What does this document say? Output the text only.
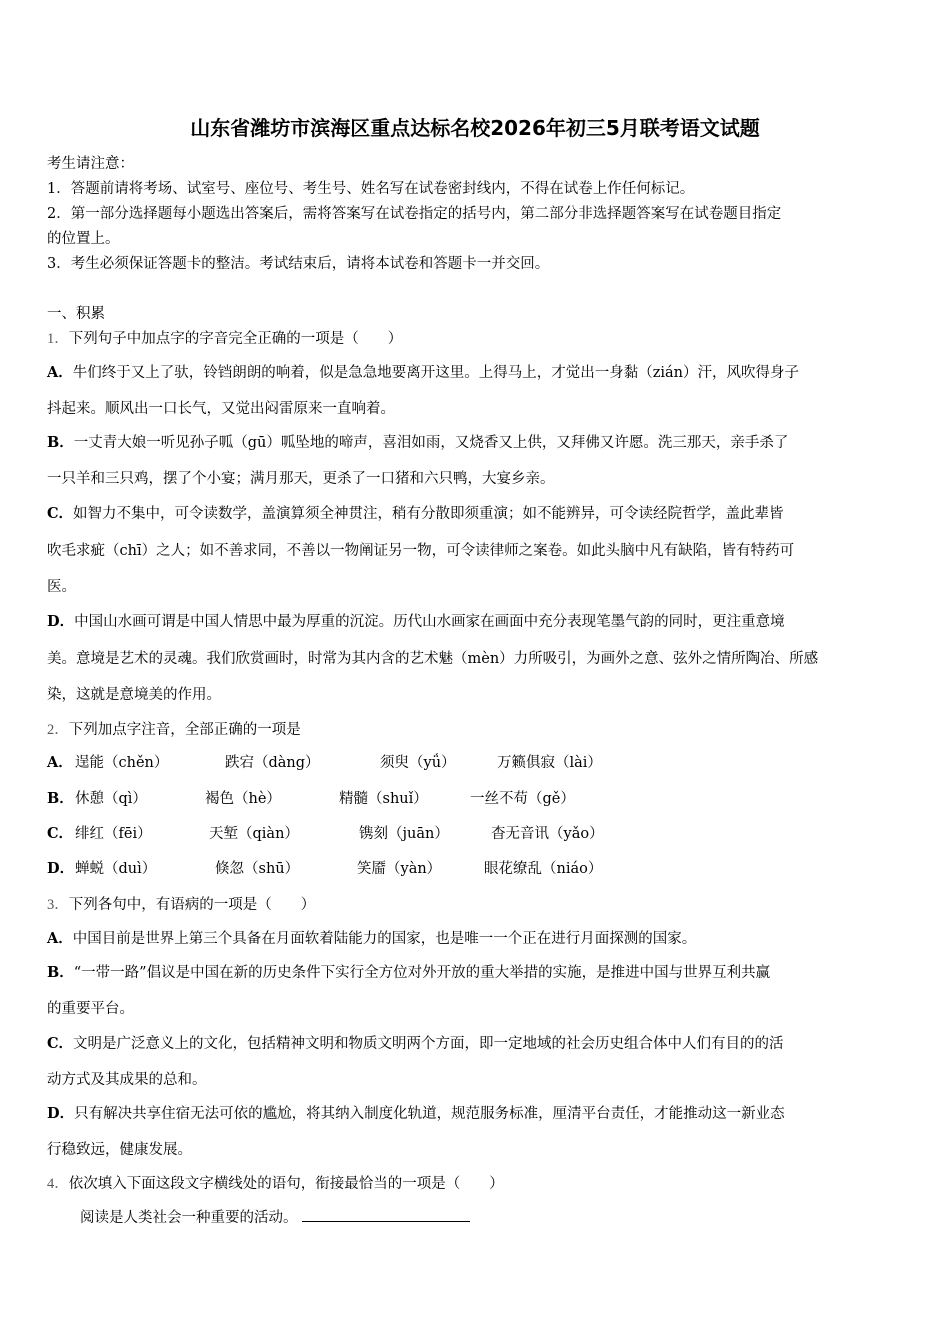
山东省潍坊市滨海区重点达标名校2026年初三5月联考语文试题
考生请注意：
1．答题前请将考场、试室号、座位号、考生号、姓名写在试卷密封线内，不得在试卷上作任何标记。
2．第一部分选择题每小题选出答案后，需将答案写在试卷指定的括号内，第二部分非选择题答案写在试卷题目指定
的位置上。
3．考生必须保证答题卡的整洁。考试结束后，请将本试卷和答题卡一并交回。
一、积累
1．下列句子中加点字的字音完全正确的一项是（　　）
A．牛们终于又上了驮，铃铛朗朗的响着，似是急急地要离开这里。上得马上，才觉出一身黏（zián）汗，风吹得身子
抖起来。顺风出一口长气，又觉出闷雷原来一直响着。
B．一丈青大娘一听见孙子呱（gū）呱坠地的啼声，喜泪如雨，又烧香又上供，又拜佛又许愿。洗三那天，亲手杀了
一只羊和三只鸡，摆了个小宴；满月那天，更杀了一口猪和六只鸭，大宴乡亲。
C．如智力不集中，可令读数学，盖演算须全神贯注，稍有分散即须重演；如不能辨异，可令读经院哲学，盖此辈皆
吹毛求疵（chī）之人；如不善求同，不善以一物阐证另一物，可令读律师之案卷。如此头脑中凡有缺陷，皆有特药可
医。
D．中国山水画可谓是中国人情思中最为厚重的沉淀。历代山水画家在画面中充分表现笔墨气韵的同时，更注重意境
美。意境是艺术的灵魂。我们欣赏画时，时常为其内含的艺术魅（mèn）力所吸引，为画外之意、弦外之情所陶冶、所感
染，这就是意境美的作用。
2．下列加点字注音，全部正确的一项是
A． 逞能（chěn）	跌宕（dàng）	须臾（yǘ）	万籁俱寂（lài）
B． 休憩（qì）	褐色（hè）	精髓（shuǐ）	一丝不苟（gě）
C． 绯红（fēi）	天堑（qiàn）	镌刻（juān）	杳无音讯（yǎo）
D． 蝉蜕（duì）	倏忽（shū）	笑靥（yàn）	眼花缭乱（niáo）
3．下列各句中，有语病的一项是（　　）
A．中国目前是世界上第三个具备在月面软着陆能力的国家，也是唯一一个正在进行月面探测的国家。
B．“一带一路”倡议是中国在新的历史条件下实行全方位对外开放的重大举措的实施，是推进中国与世界互利共赢
的重要平台。
C．文明是广泛意义上的文化，包括精神文明和物质文明两个方面，即一定地域的社会历史组合体中人们有目的的活
动方式及其成果的总和。
D．只有解决共享住宿无法可依的尴尬，将其纳入制度化轨道，规范服务标准，厘清平台责任，才能推动这一新业态
行稳致远，健康发展。
4．依次填入下面这段文字横线处的语句，衔接最恰当的一项是（　　）
阅读是人类社会一种重要的活动。
